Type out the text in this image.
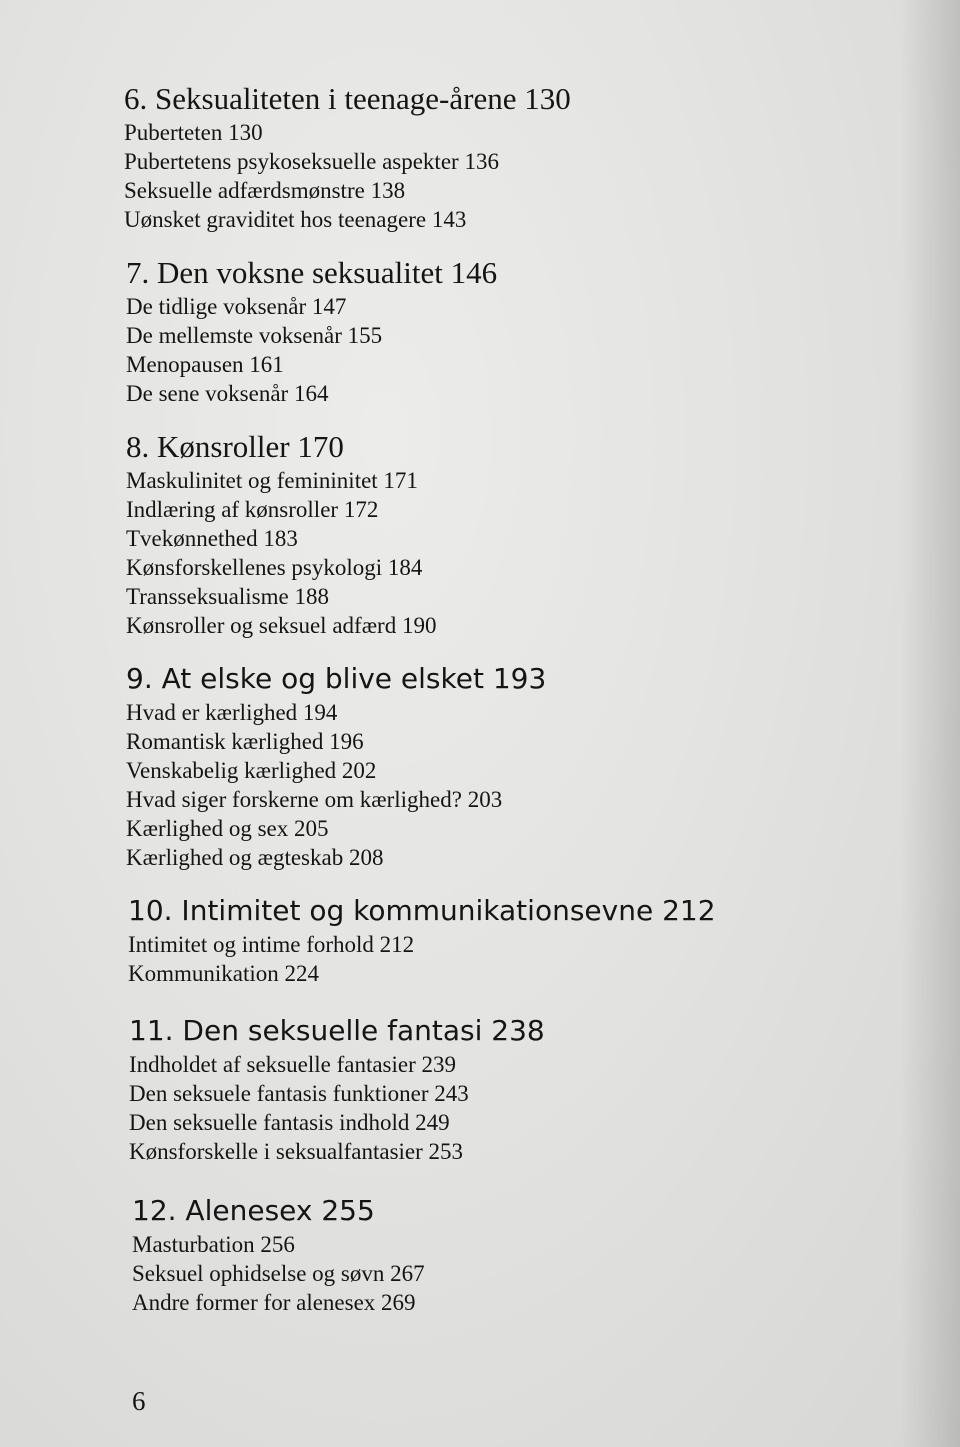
6. Seksualiteten i teenage-årene 130
Puberteten 130
Pubertetens psykoseksuelle aspekter 136
Seksuelle adfærdsmønstre 138
Uønsket graviditet hos teenagere 143
7. Den voksne seksualitet 146
De tidlige voksenår 147
De mellemste voksenår 155
Menopausen 161
De sene voksenår 164
8. Kønsroller 170
Maskulinitet og femininitet 171
Indlæring af kønsroller 172
Tvekønnethed 183
Kønsforskellenes psykologi 184
Transseksualisme 188
Kønsroller og seksuel adfærd 190
9. At elske og blive elsket 193
Hvad er kærlighed 194
Romantisk kærlighed 196
Venskabelig kærlighed 202
Hvad siger forskerne om kærlighed? 203
Kærlighed og sex 205
Kærlighed og ægteskab 208
10. Intimitet og kommunikationsevne 212
Intimitet og intime forhold 212
Kommunikation 224
11. Den seksuelle fantasi 238
Indholdet af seksuelle fantasier 239
Den seksuele fantasis funktioner 243
Den seksuelle fantasis indhold 249
Kønsforskelle i seksualfantasier 253
12. Alenesex 255
Masturbation 256
Seksuel ophidselse og søvn 267
Andre former for alenesex 269
6
